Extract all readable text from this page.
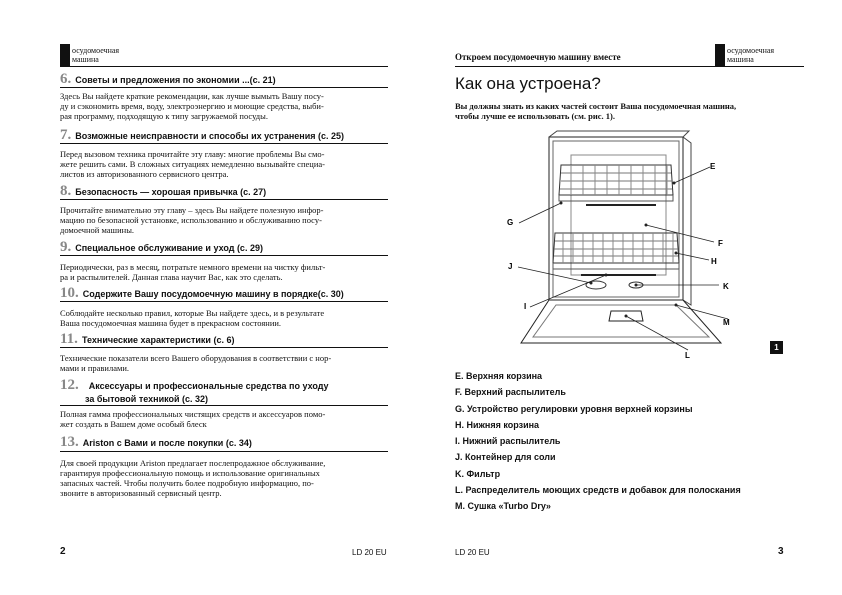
осудомоечная
машина
6. Советы и предложения по экономии ...(с. 21)
Здесь Вы найдете краткие рекомендации, как лучше вымыть Вашу посу-
ду и сэкономить время, воду, электроэнергию и моющие средства, выби-
рая программу, подходящую к типу загружаемой посуды.
7. Возможные неисправности и способы их устранения (с. 25)
Перед вызовом техника прочитайте эту главу: многие проблемы Вы смо-
жете решить сами. В сложных ситуациях немедленно вызывайте специа-
листов из авторизованного сервисного центра.
8. Безопасность — хорошая привычка (с. 27)
Прочитайте внимательно эту главу – здесь Вы найдете полезную инфор-
мацию по безопасной установке, использованию и обслуживанию посу-
домоечной машины.
9. Специальное обслуживание и уход (с. 29)
Периодически, раз в месяц, потратьте немного времени на чистку фильт-
ра и распылителей. Данная глава научит Вас, как это сделать.
10. Содержите Вашу посудомоечную машину в порядке(с. 30)
Соблюдайте несколько правил, которые Вы найдете здесь, и в результате
Ваша посудомоечная машина будет в прекрасном состоянии.
11. Технические характеристики (с. 6)
Технические показатели всего Вашего оборудования в соответствии с нор-
мами и правилами.
12. Аксессуары и профессиональные средства по уходу
за бытовой техникой (с. 32)
Полная гамма профессиональных чистящих средств и аксессуаров помо-
жет создать в Вашем доме особый блеск
13. Ariston с Вами и после покупки (с. 34)
Для своей продукции Ariston предлагает послепродажное обслуживание,
гарантируя профессиональную помощь и использование оригинальных
запасных частей. Чтобы получить более подробную информацию, по-
звоните в авторизованный сервисный центр.
2	LD 20 EU
Откроем посудомоечную машину вместе
осудомоечная
машина
Как она устроена?
Вы должны знать из каких частей состоит Ваша посудомоечная машина,
чтобы лучше ее использовать (см. рис. 1).
E
G
F
H
J
K
I
M
L
1
E. Верхняя корзина
F. Верхний распылитель
G. Устройство регулировки уровня верхней корзины
H. Нижняя корзина
I. Нижний распылитель
J. Контейнер для соли
K. Фильтр
L. Распределитель моющих средств и добавок для полоскания
M. Сушка «Turbo Dry»
LD 20 EU	3
